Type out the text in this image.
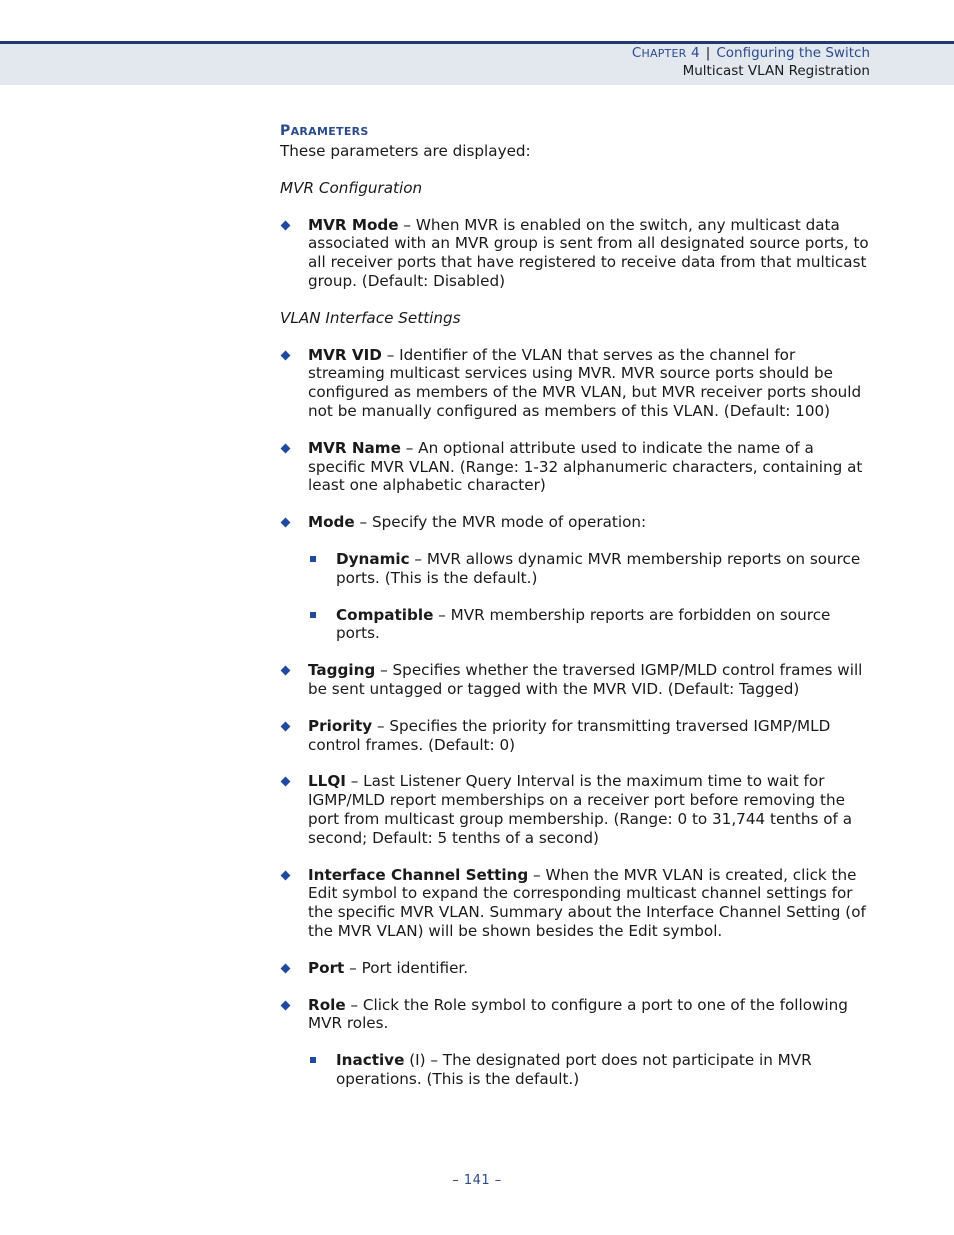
CHAPTER 4 | Configuring the Switch
Multicast VLAN Registration
PARAMETERS

These parameters are displayed:

MVR Configuration

MVR Mode – When MVR is enabled on the switch, any multicast data associated with an MVR group is sent from all designated source ports, to all receiver ports that have registered to receive data from that multicast group. (Default: Disabled)

VLAN Interface Settings

MVR VID – Identifier of the VLAN that serves as the channel for streaming multicast services using MVR. MVR source ports should be configured as members of the MVR VLAN, but MVR receiver ports should not be manually configured as members of this VLAN. (Default: 100)
MVR Name – An optional attribute used to indicate the name of a specific MVR VLAN. (Range: 1-32 alphanumeric characters, containing at least one alphabetic character)
Mode – Specify the MVR mode of operation:
Dynamic – MVR allows dynamic MVR membership reports on source ports. (This is the default.)
Compatible – MVR membership reports are forbidden on source ports.
Tagging – Specifies whether the traversed IGMP/MLD control frames will be sent untagged or tagged with the MVR VID. (Default: Tagged)
Priority – Specifies the priority for transmitting traversed IGMP/MLD control frames. (Default: 0)
LLQI – Last Listener Query Interval is the maximum time to wait for IGMP/MLD report memberships on a receiver port before removing the port from multicast group membership. (Range: 0 to 31,744 tenths of a second; Default: 5 tenths of a second)
Interface Channel Setting – When the MVR VLAN is created, click the Edit symbol to expand the corresponding multicast channel settings for the specific MVR VLAN. Summary about the Interface Channel Setting (of the MVR VLAN) will be shown besides the Edit symbol.
Port – Port identifier.
Role – Click the Role symbol to configure a port to one of the following MVR roles.
Inactive (I) – The designated port does not participate in MVR operations. (This is the default.)
– 141 –
